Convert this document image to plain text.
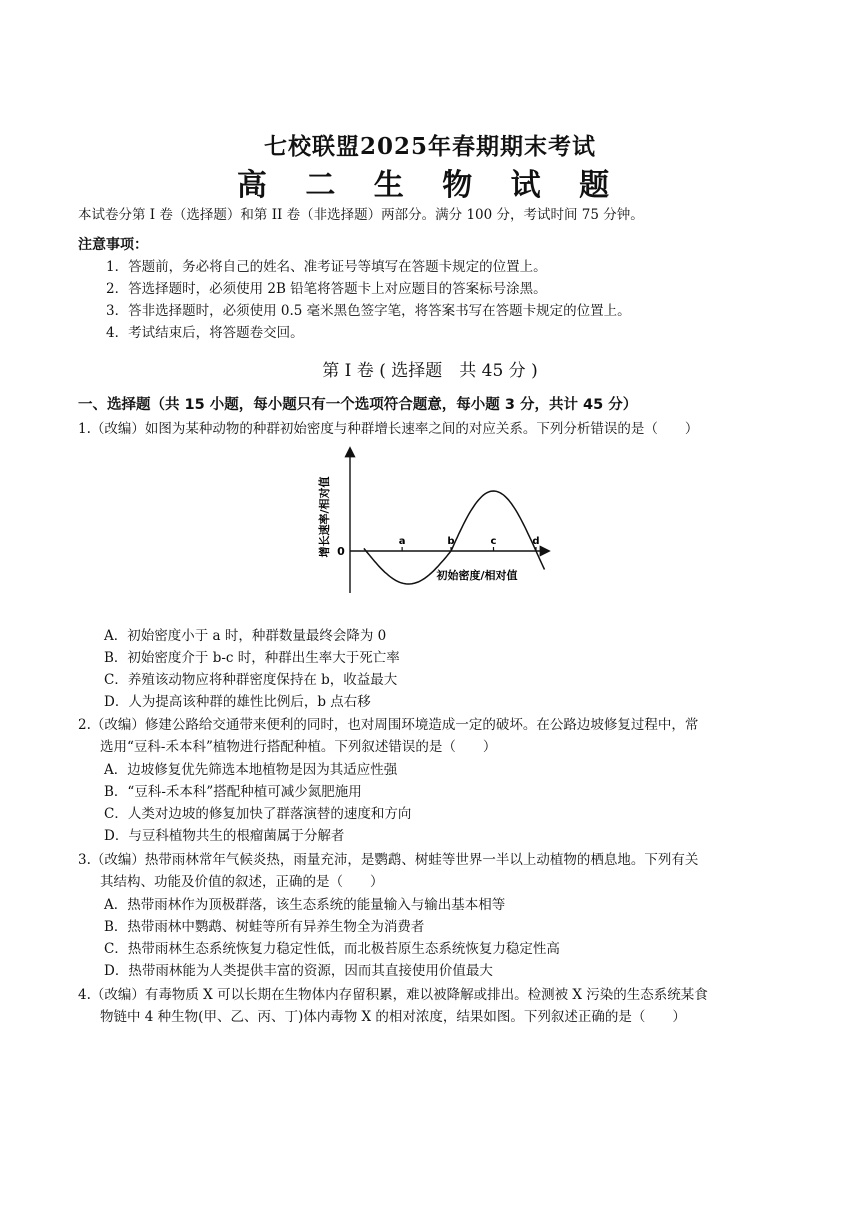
七校联盟2025年春期期末考试
高 二 生 物 试 题
本试卷分第 I 卷（选择题）和第 II 卷（非选择题）两部分。满分 100 分，考试时间 75 分钟。
注意事项：
1．答题前，务必将自己的姓名、准考证号等填写在答题卡规定的位置上。
2．答选择题时，必须使用 2B 铅笔将答题卡上对应题目的答案标号涂黑。
3．答非选择题时，必须使用 0.5 毫米黑色签字笔，将答案书写在答题卡规定的位置上。
4．考试结束后，将答题卷交回。
第 I 卷 ( 选择题　共 45 分 )
一、选择题（共 15 小题，每小题只有一个选项符合题意，每小题 3 分，共计 45 分）
1.（改编）如图为某种动物的种群初始密度与种群增长速率之间的对应关系。下列分析错误的是（　　）
a	b	c	d
增长速率/相对值
初始密度/相对值
0
A．初始密度小于 a 时，种群数量最终会降为 0
B．初始密度介于 b-c 时，种群出生率大于死亡率
C．养殖该动物应将种群密度保持在 b，收益最大
D．人为提高该种群的雄性比例后，b 点右移
2.（改编）修建公路给交通带来便利的同时，也对周围环境造成一定的破坏。在公路边坡修复过程中，常
选用“豆科-禾本科”植物进行搭配种植。下列叙述错误的是（　　）
A．边坡修复优先筛选本地植物是因为其适应性强
B．“豆科-禾本科”搭配种植可减少氮肥施用
C．人类对边坡的修复加快了群落演替的速度和方向
D．与豆科植物共生的根瘤菌属于分解者
3.（改编）热带雨林常年气候炎热，雨量充沛，是鹦鹉、树蛙等世界一半以上动植物的栖息地。下列有关
其结构、功能及价值的叙述，正确的是（　　）
A．热带雨林作为顶极群落，该生态系统的能量输入与输出基本相等
B．热带雨林中鹦鹉、树蛙等所有异养生物全为消费者
C．热带雨林生态系统恢复力稳定性低，而北极苔原生态系统恢复力稳定性高
D．热带雨林能为人类提供丰富的资源，因而其直接使用价值最大
4.（改编）有毒物质 X 可以长期在生物体内存留积累，难以被降解或排出。检测被 X 污染的生态系统某食
物链中 4 种生物(甲、乙、丙、丁)体内毒物 X 的相对浓度，结果如图。下列叙述正确的是（　　）
